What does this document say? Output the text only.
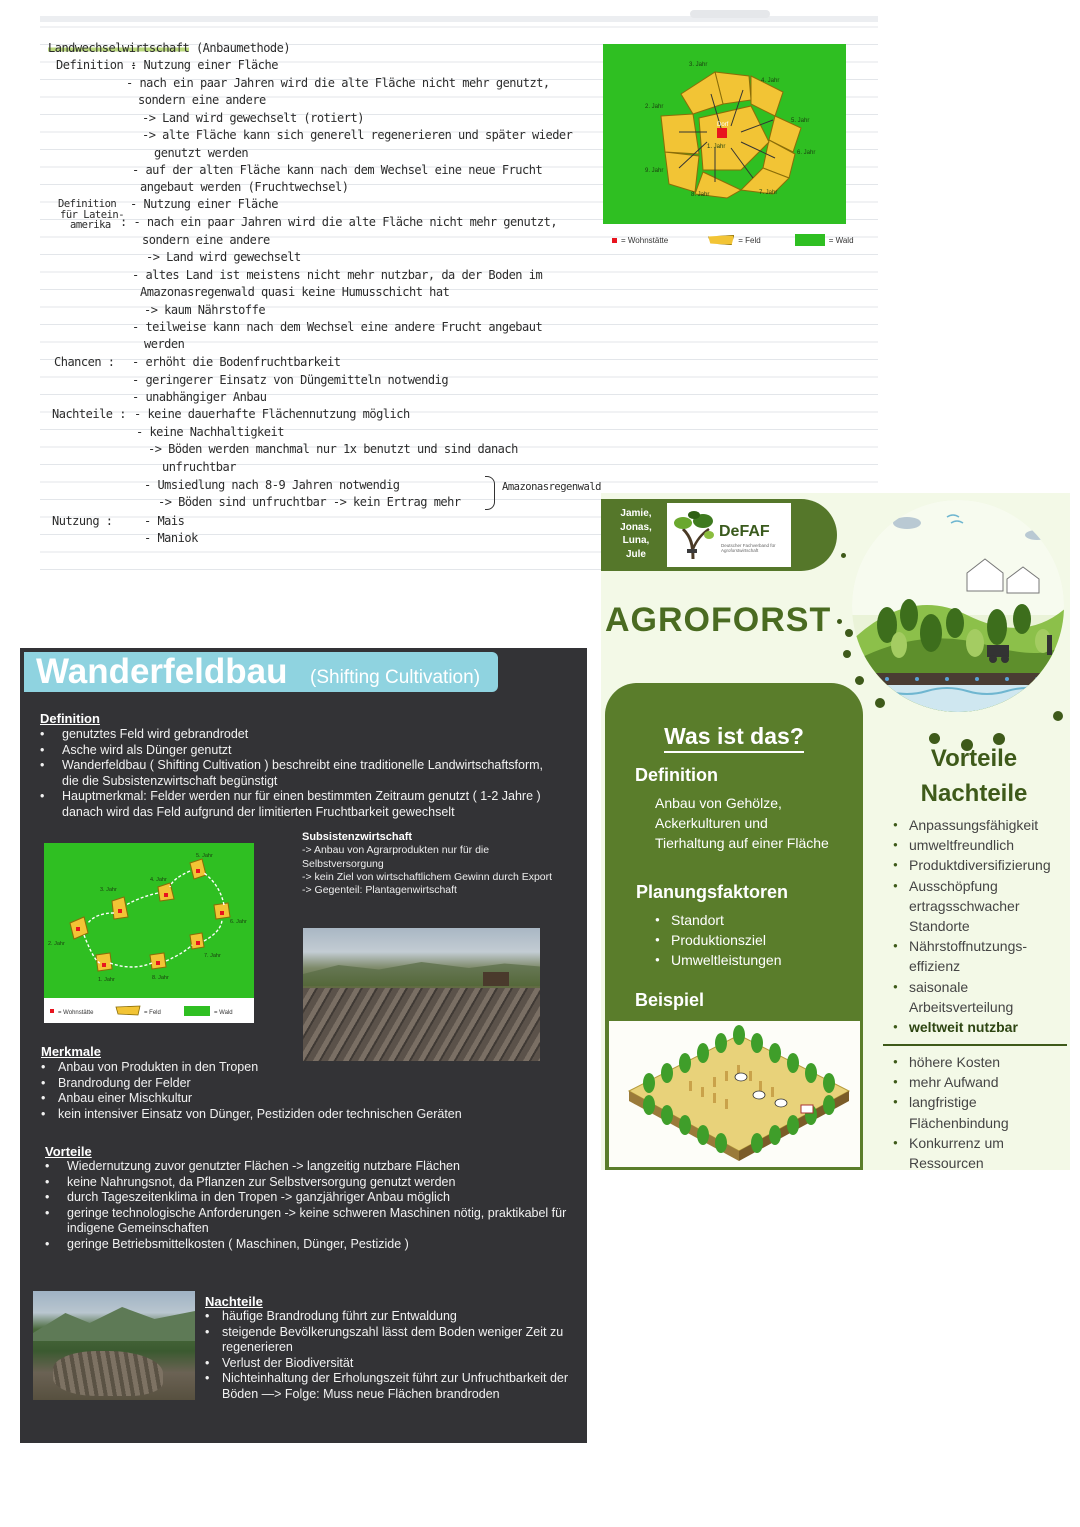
Landwechselwirtschaft (Anbaumethode)
Definition :
- Nutzung einer Fläche
- nach ein paar Jahren wird die alte Fläche nicht mehr genutzt,
sondern eine andere
-> Land wird gewechselt (rotiert)
-> alte Fläche kann sich generell regenerieren und später wieder
genutzt werden
- auf der alten Fläche kann nach dem Wechsel eine neue Frucht
angebaut werden (Fruchtwechsel)
Definition
für Latein-
amerika
- Nutzung einer Fläche
: - nach ein paar Jahren wird die alte Fläche nicht mehr genutzt,
sondern eine andere
-> Land wird gewechselt
- altes Land ist meistens nicht mehr nutzbar, da der Boden im
Amazonasregenwald quasi keine Humusschicht hat
-> kaum Nährstoffe
- teilweise kann nach dem Wechsel eine andere Frucht angebaut
werden
Chancen : - erhöht die Bodenfruchtbarkeit
- geringerer Einsatz von Düngemitteln notwendig
- unabhängiger Anbau
Nachteile : - keine dauerhafte Flächennutzung möglich
- keine Nachhaltigkeit
-> Böden werden manchmal nur 1x benutzt und sind danach
unfruchtbar
- Umsiedlung nach 8-9 Jahren notwendig
-> Böden sind unfruchtbar -> kein Ertrag mehr
Amazonasregenwald
Nutzung :	- Mais
- Maniok
3. Jahr
4. Jahr
2. Jahr
5. Jahr
Dorf
1. Jahr
6. Jahr
9. Jahr
8. Jahr	7. Jahr
= Wohnstätte	= Feld	= Wald
Wanderfeldbau (Shifting Cultivation)
Definition
• genutztes Feld wird gebrandrodet
• Asche wird als Dünger genutzt
• Wanderfeldbau ( Shifting Cultivation ) beschreibt eine traditionelle Landwirtschaftsform, die die Subsistenzwirtschaft begünstigt
• Hauptmerkmal: Felder werden nur für einen bestimmten Zeitraum genutzt ( 1-2 Jahre ) danach wird das Feld aufgrund der limitierten Fruchtbarkeit gewechselt
5. Jahr
4. Jahr
3. Jahr
6. Jahr
2. Jahr
7. Jahr
1. Jahr	8. Jahr
= Wohnstätte	= Feld	= Wald
Subsistenzwirtschaft
-> Anbau von Agrarprodukten nur für die Selbstversorgung
-> kein Ziel von wirtschaftlichem Gewinn durch Export
-> Gegenteil: Plantagenwirtschaft
Merkmale
• Anbau von Produkten in den Tropen
• Brandrodung der Felder
• Anbau einer Mischkultur
• kein intensiver Einsatz von Dünger, Pestiziden oder technischen Geräten
Vorteile
• Wiedernutzung zuvor genutzter Flächen -> langzeitig nutzbare Flächen
• keine Nahrungsnot, da Pflanzen zur Selbstversorgung genutzt werden
• durch Tageszeitenklima in den Tropen -> ganzjähriger Anbau möglich
• geringe technologische Anforderungen -> keine schweren Maschinen nötig, praktikabel für indigene Gemeinschaften
• geringe Betriebsmittelkosten ( Maschinen, Dünger, Pestizide )
Nachteile
• häufige Brandrodung führt zur Entwaldung
• steigende Bevölkerungszahl lässt dem Boden weniger Zeit zu regenerieren
• Verlust der Biodiversität
• Nichteinhaltung der Erholungszeit führt zur Unfruchtbarkeit der Böden —> Folge: Muss neue Flächen brandroden
Jamie,
Jonas,
Luna,
Jule
DeFAF
Deutscher Fachverband für Agroforstwirtschaft
AGROFORST
Was ist das?
Definition
Anbau von Gehölze,
Ackerkulturen und
Tierhaltung auf einer Fläche
Planungsfaktoren
● Standort
● Produktionsziel
● Umweltleistungen
Beispiel
Vorteile
Nachteile
● Anpassungsfähigkeit
● umweltfreundlich
● Produktdiversifizierung
● Ausschöpfung ertragsschwacher Standorte
● Nährstoffnutzungs-effizienz
● saisonale Arbeitsverteilung
● weltweit nutzbar
● höhere Kosten
● mehr Aufwand
● langfristige Flächenbindung
● Konkurrenz um Ressourcen
